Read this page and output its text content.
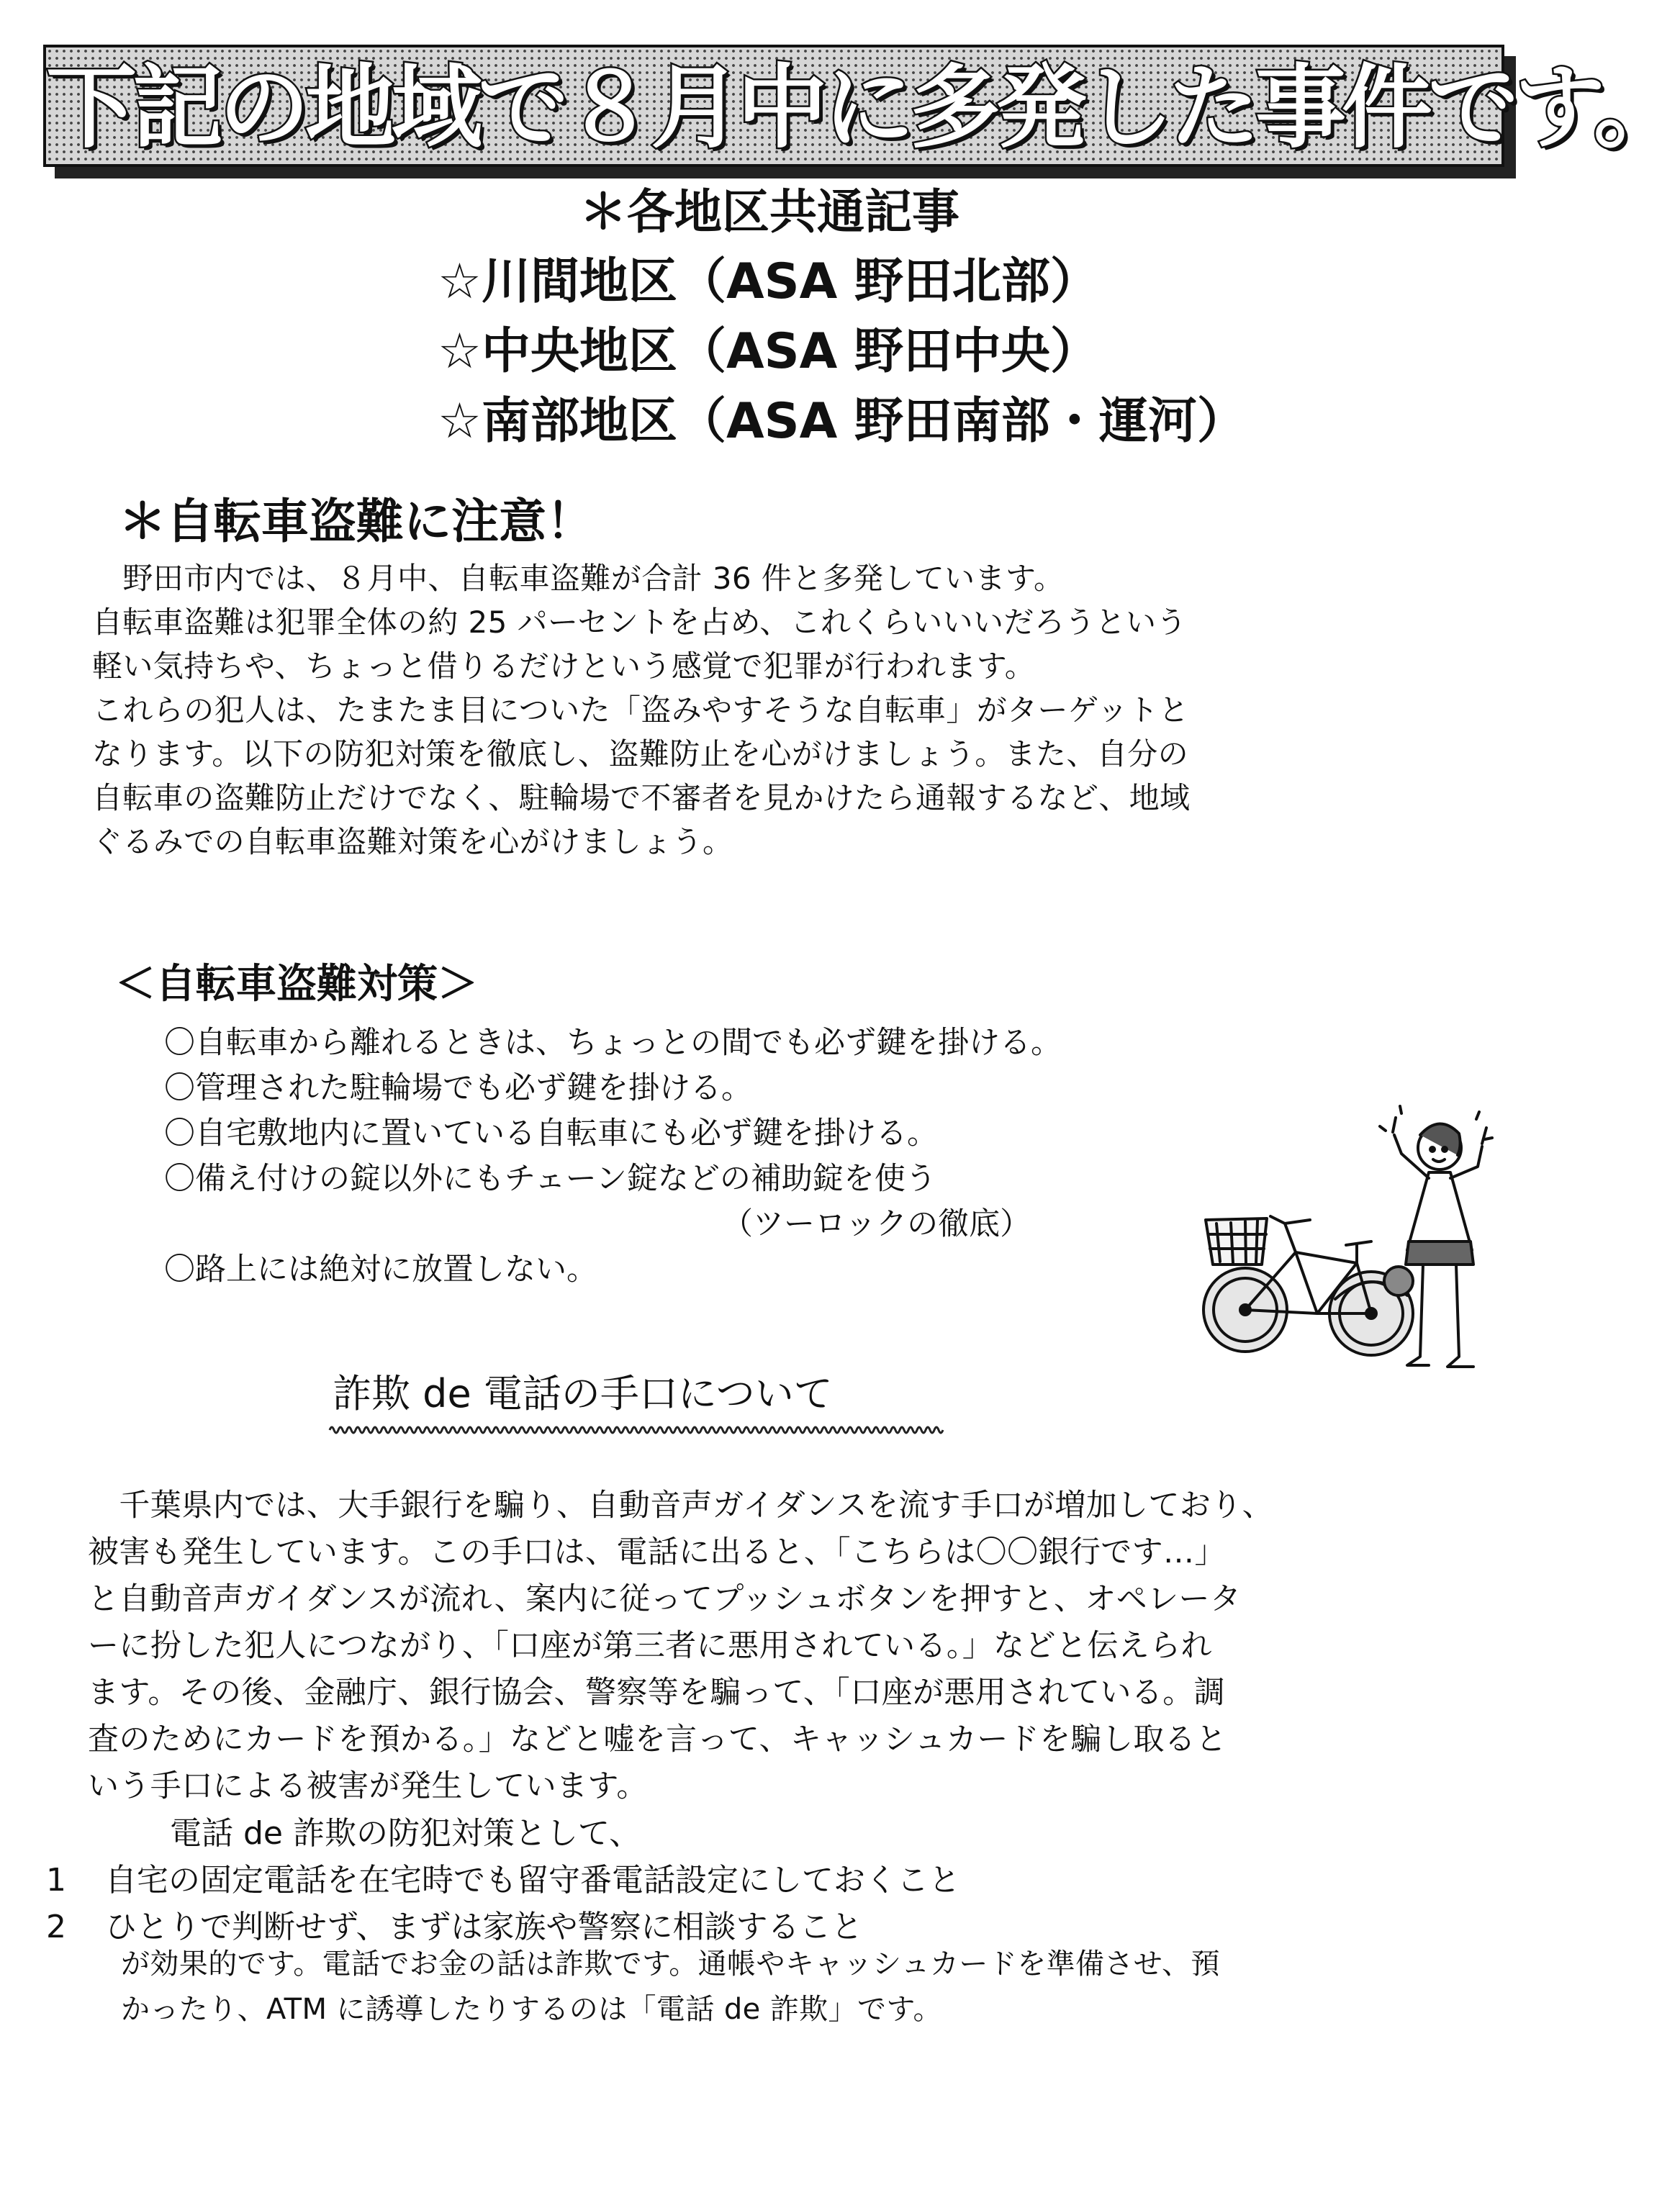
下記の地域で８月中に多発した事件です。
＊各地区共通記事
☆川間地区（ASA 野田北部）
☆中央地区（ASA 野田中央）
☆南部地区（ASA 野田南部・運河）
＊自転車盗難に注意！
　野田市内では、８月中、自転車盗難が合計 36 件と多発しています。
自転車盗難は犯罪全体の約 25 パーセントを占め、これくらいいいだろうという
軽い気持ちや、ちょっと借りるだけという感覚で犯罪が行われます。
これらの犯人は、たまたま目についた「盗みやすそうな自転車」がターゲットと
なります。以下の防犯対策を徹底し、盗難防止を心がけましょう。また、自分の
自転車の盗難防止だけでなく、駐輪場で不審者を見かけたら通報するなど、地域
ぐるみでの自転車盗難対策を心がけましょう。
＜自転車盗難対策＞
〇自転車から離れるときは、ちょっとの間でも必ず鍵を掛ける。
〇管理された駐輪場でも必ず鍵を掛ける。
〇自宅敷地内に置いている自転車にも必ず鍵を掛ける。
〇備え付けの錠以外にもチェーン錠などの補助錠を使う
（ツーロックの徹底）
〇路上には絶対に放置しない。
詐欺 de 電話の手口について
　千葉県内では、大手銀行を騙り、自動音声ガイダンスを流す手口が増加しており、
被害も発生しています。この手口は、電話に出ると、「こちらは〇〇銀行です…」
と自動音声ガイダンスが流れ、案内に従ってプッシュボタンを押すと、オペレータ
ーに扮した犯人につながり、「口座が第三者に悪用されている。」などと伝えられ
ます。その後、金融庁、銀行協会、警察等を騙って、「口座が悪用されている。調
査のためにカードを預かる。」などと嘘を言って、キャッシュカードを騙し取ると
いう手口による被害が発生しています。
電話 de 詐欺の防犯対策として、
1	自宅の固定電話を在宅時でも留守番電話設定にしておくこと
2	ひとりで判断せず、まずは家族や警察に相談すること
が効果的です。電話でお金の話は詐欺です。通帳やキャッシュカードを準備させ、預
かったり、ATM に誘導したりするのは「電話 de 詐欺」です。
